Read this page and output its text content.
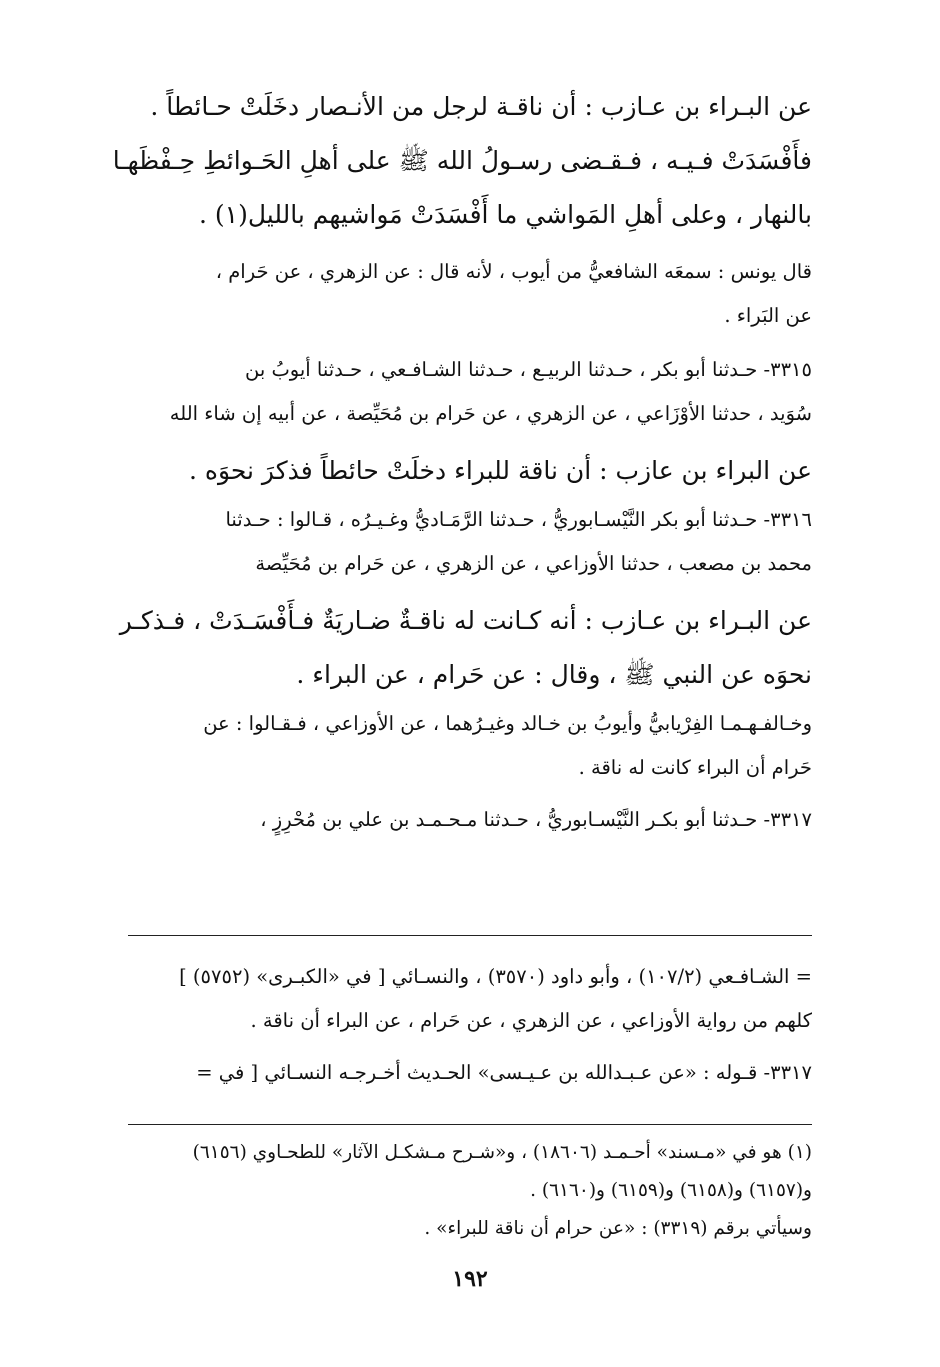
عن البـراء بن عـازب : أن ناقـة لرجل من الأنـصار دخَلَتْ حـائطاً .
فأَفْسَدَتْ فـيـه ، فـقـضى رسـولُ الله ﷺ على أهلِ الحَـوائطِ حِـفْظَهـا
بالنهار ، وعلى أهلِ المَواشي ما أَفْسَدَتْ مَواشيهم بالليل(١) .
قال يونس : سمعَه الشافعيُّ من أيوب ، لأنه قال : عن الزهري ، عن حَرام ،
عن البَراء .
٣٣١٥- حـدثنا أبو بكر ، حـدثنا الربيـع ، حـدثنا الشـافـعي ، حـدثنا أيوبُ بن
سُوَيد ، حدثنا الأوْزَاعي ، عن الزهري ، عن حَرام بن مُحَيِّصة ، عن أبيه إن شاء الله
عن البراء بن عازب : أن ناقة للبراء دخلَتْ حائطاً فذكرَ نحوَه .
٣٣١٦- حـدثنا أبو بكر النَّيْسـابوريُّ ، حـدثنا الرَّمَـاديُّ وغـيـرُه ، قـالوا : حـدثنا
محمد بن مصعب ، حدثنا الأوزاعي ، عن الزهري ، عن حَرام بن مُحَيِّصة
عن البـراء بن عـازب : أنه كـانت له ناقـةٌ ضـاريَةٌ فـأَفْسَـدَتْ ، فـذكـر
نحوَه عن النبي ﷺ ، وقال : عن حَرام ، عن البراء .
وخـالفـهـمـا الفِرْيابيُّ وأيوبُ بن خـالد وغيـرُهما ، عن الأوزاعي ، فـقـالوا : عن
حَرام أن البراء كانت له ناقة .
٣٣١٧- حـدثنا أبو بكـر النَّيْسـابوريُّ ، حـدثنا مـحـمـد بن علي بن مُحْرِزٍ ،
= الشـافـعي (١٠٧/٢) ، وأبو داود (٣٥٧٠) ، والنسـائي [ في «الكبـرى» (٥٧٥٢) ]
كلهم من رواية الأوزاعي ، عن الزهري ، عن حَرام ، عن البراء أن ناقة .
٣٣١٧- قـوله : «عن عـبـدالله بن عـيـسى» الحـديث أخـرجـه النسـائي [ في =
(١) هو في «مـسند» أحـمـد (١٨٦٠٦) ، و«شـرح مـشكـل الآثار» للطحـاوي (٦١٥٦)
و(٦١٥٧) و(٦١٥٨) و(٦١٥٩) و(٦١٦٠) .
وسيأتي برقم (٣٣١٩) : «عن حرام أن ناقة للبراء» .
١٩٢
